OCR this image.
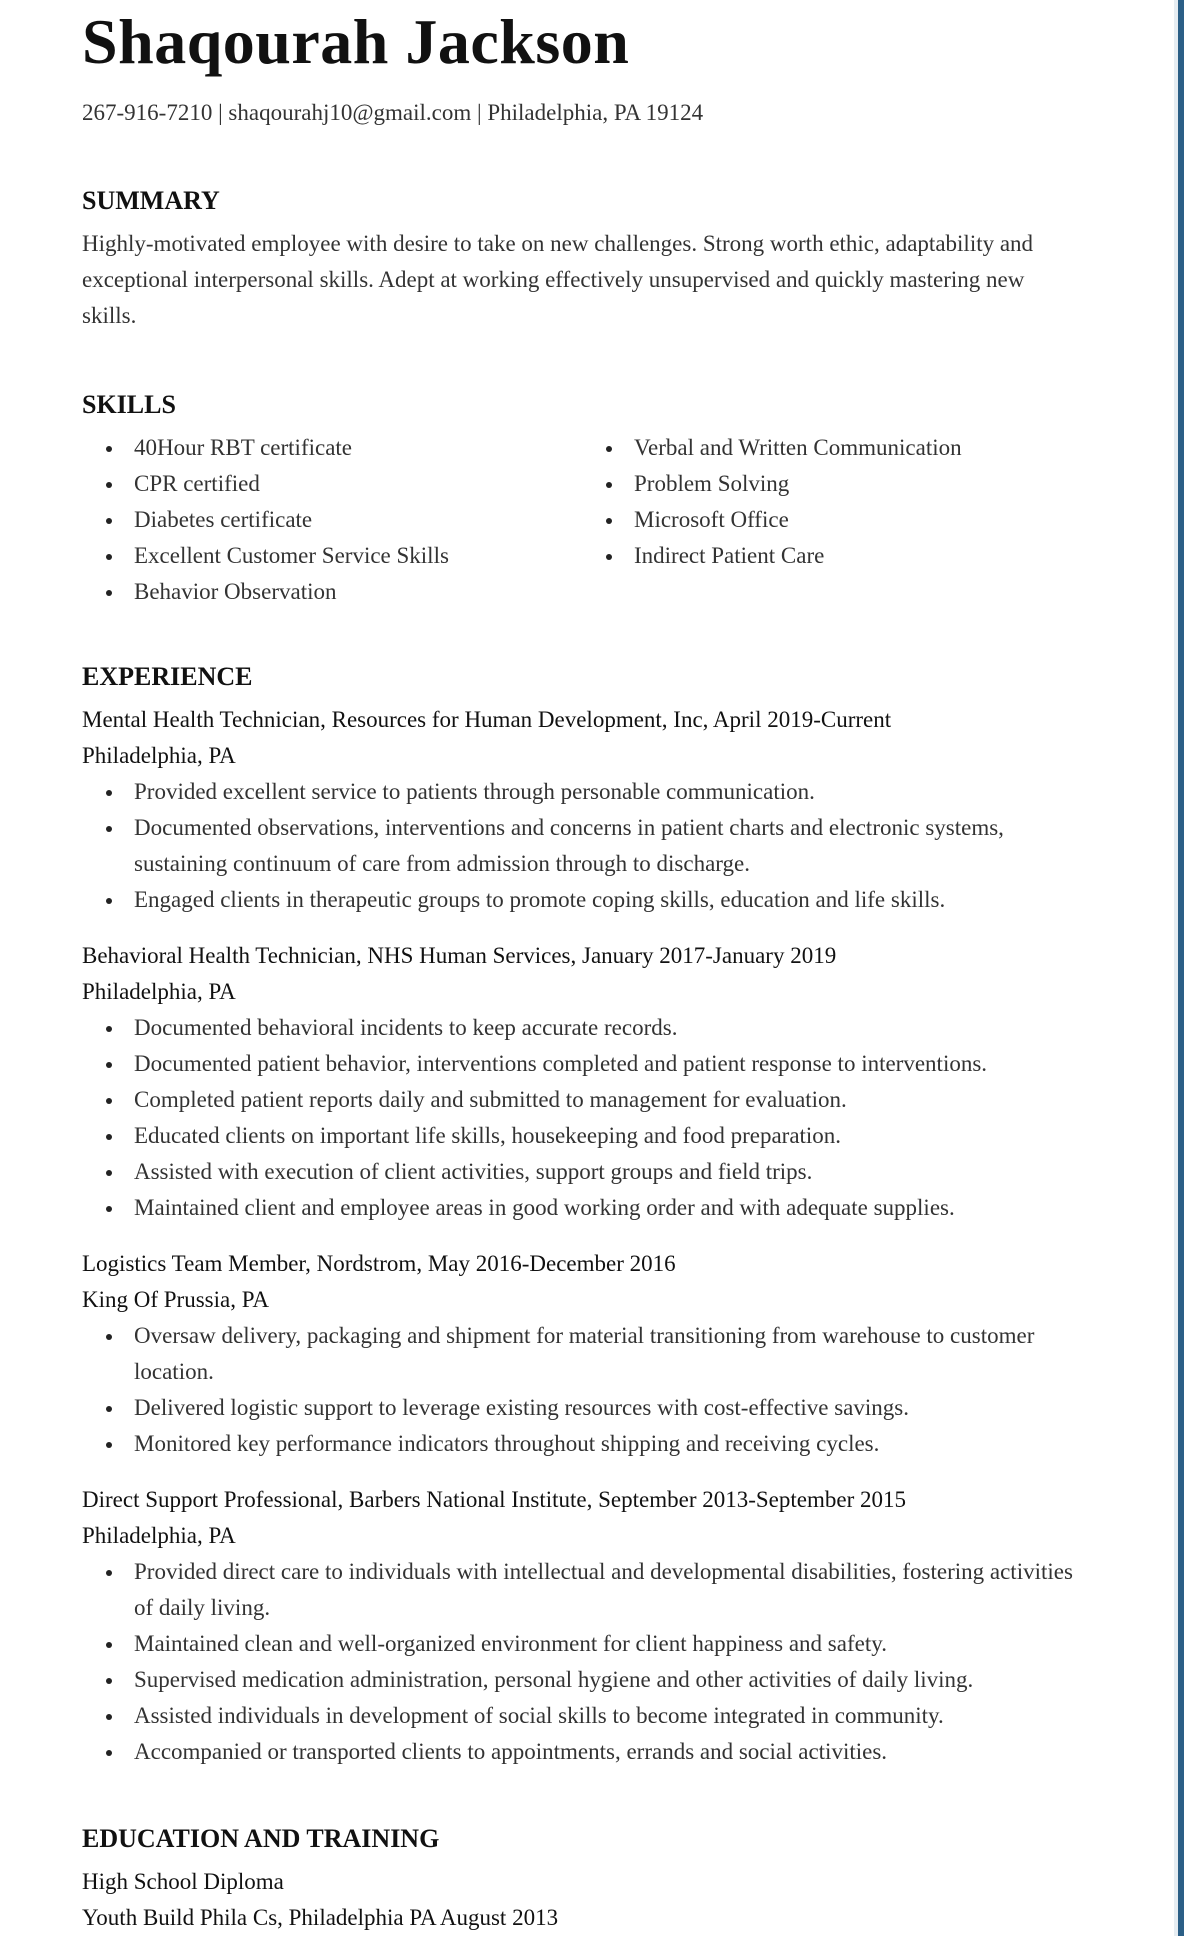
Shaqourah Jackson
267-916-7210 | shaqourahj10@gmail.com | Philadelphia, PA 19124
SUMMARY
Highly-motivated employee with desire to take on new challenges. Strong worth ethic, adaptability and exceptional interpersonal skills. Adept at working effectively unsupervised and quickly mastering new skills.
SKILLS
40Hour RBT certificate
CPR certified
Diabetes certificate
Excellent Customer Service Skills
Behavior Observation
Verbal and Written Communication
Problem Solving
Microsoft Office
Indirect Patient Care
EXPERIENCE
Mental Health Technician, Resources for Human Development, Inc, April 2019-Current
Philadelphia, PA
Provided excellent service to patients through personable communication.
Documented observations, interventions and concerns in patient charts and electronic systems, sustaining continuum of care from admission through to discharge.
Engaged clients in therapeutic groups to promote coping skills, education and life skills.
Behavioral Health Technician, NHS Human Services, January 2017-January 2019
Philadelphia, PA
Documented behavioral incidents to keep accurate records.
Documented patient behavior, interventions completed and patient response to interventions.
Completed patient reports daily and submitted to management for evaluation.
Educated clients on important life skills, housekeeping and food preparation.
Assisted with execution of client activities, support groups and field trips.
Maintained client and employee areas in good working order and with adequate supplies.
Logistics Team Member, Nordstrom, May 2016-December 2016
King Of Prussia, PA
Oversaw delivery, packaging and shipment for material transitioning from warehouse to customer location.
Delivered logistic support to leverage existing resources with cost-effective savings.
Monitored key performance indicators throughout shipping and receiving cycles.
Direct Support Professional, Barbers National Institute, September 2013-September 2015
Philadelphia, PA
Provided direct care to individuals with intellectual and developmental disabilities, fostering activities of daily living.
Maintained clean and well-organized environment for client happiness and safety.
Supervised medication administration, personal hygiene and other activities of daily living.
Assisted individuals in development of social skills to become integrated in community.
Accompanied or transported clients to appointments, errands and social activities.
EDUCATION AND TRAINING
High School Diploma
Youth Build Phila Cs, Philadelphia PA August 2013
